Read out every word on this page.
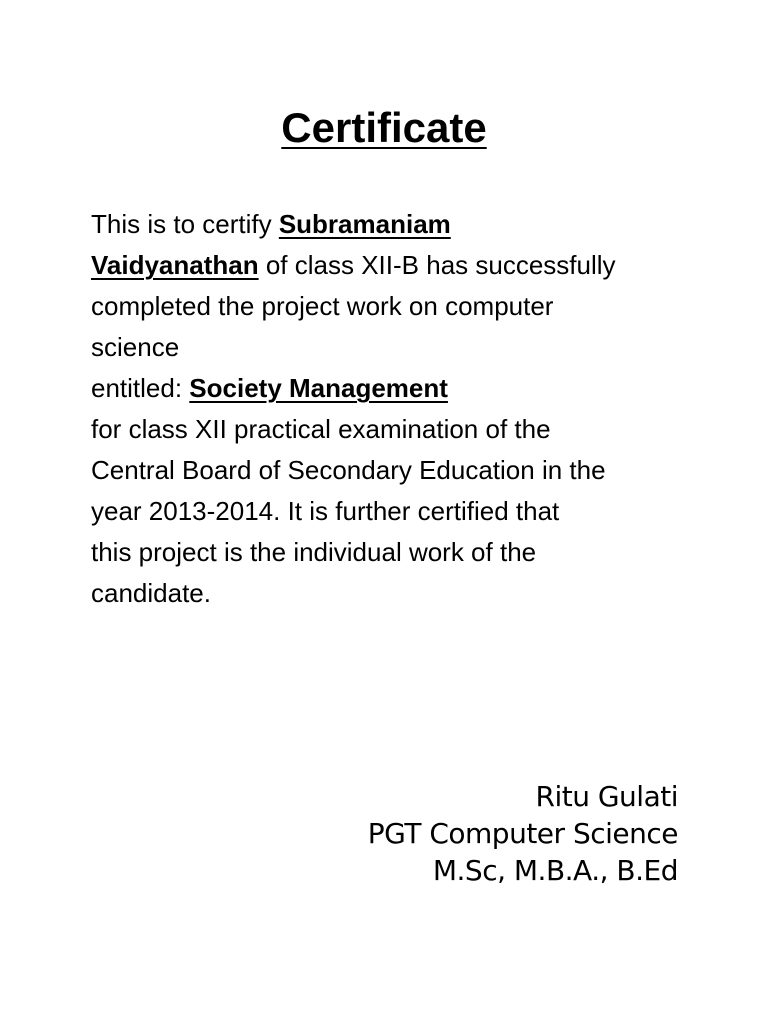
Certificate
This is to certify Subramaniam
Vaidyanathan of class XII-B has successfully
completed the project work on computer
science
entitled: Society Management
for class XII practical examination of the
Central Board of Secondary Education in the
year 2013-2014. It is further certified that
this project is the individual work of the
candidate.
Ritu Gulati
PGT Computer Science
M.Sc, M.B.A., B.Ed
